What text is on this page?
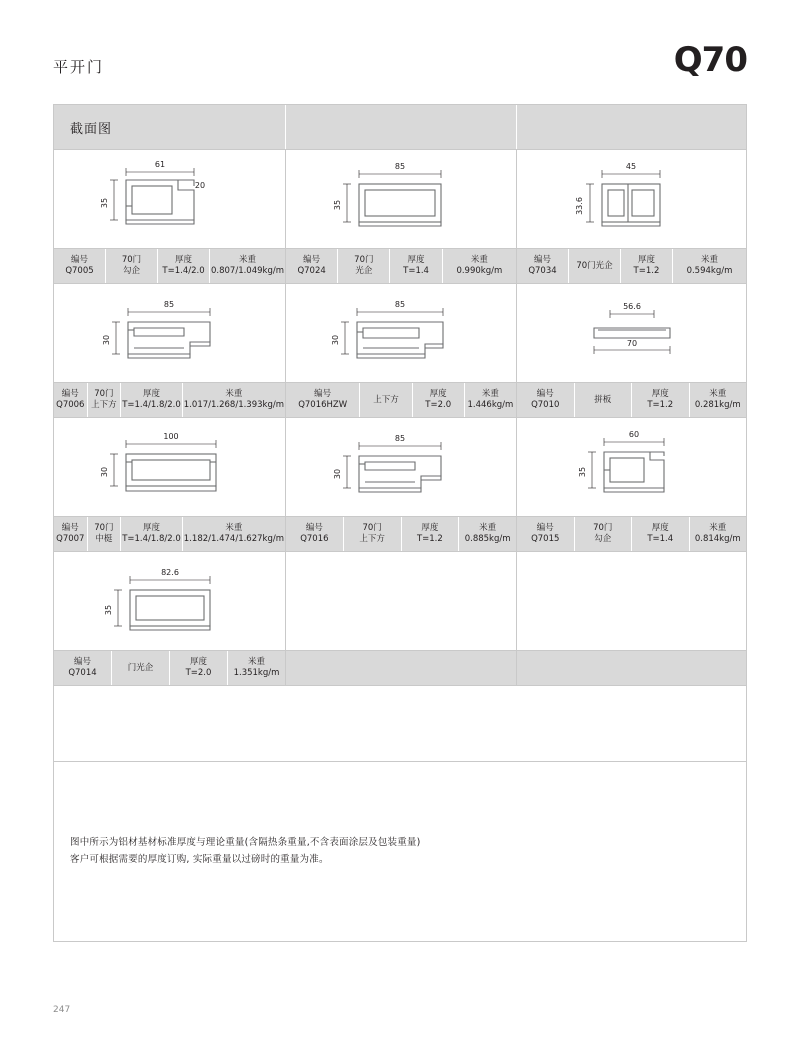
平开门	Q70
截面图
61
35
20
85
35
45
33.6
编号
Q7005
70门
勾企
厚度
T=1.4/2.0
米重
0.807/1.049kg/m
编号
Q7024
70门
光企
厚度
T=1.4
米重
0.990kg/m
编号
Q7034
70门光企
厚度
T=1.2
米重
0.594kg/m
85
30
85
30
56.6
70
编号
Q7006
70门
上下方
厚度
T=1.4/1.8/2.0
米重
1.017/1.268/1.393kg/m
编号
Q7016HZW
上下方
厚度
T=2.0
米重
1.446kg/m
编号
Q7010
拼板
厚度
T=1.2
米重
0.281kg/m
100
30
85
30
60
35
编号
Q7007
70门
中梃
厚度
T=1.4/1.8/2.0
米重
1.182/1.474/1.627kg/m
编号
Q7016
70门
上下方
厚度
T=1.2
米重
0.885kg/m
编号
Q7015
70门
勾企
厚度
T=1.4
米重
0.814kg/m
82.6
35
编号
Q7014
门光企
厚度
T=2.0
米重
1.351kg/m
图中所示为铝材基材标准厚度与理论重量(含隔热条重量,不含表面涂层及包装重量)
客户可根据需要的厚度订购, 实际重量以过磅时的重量为准。
247
